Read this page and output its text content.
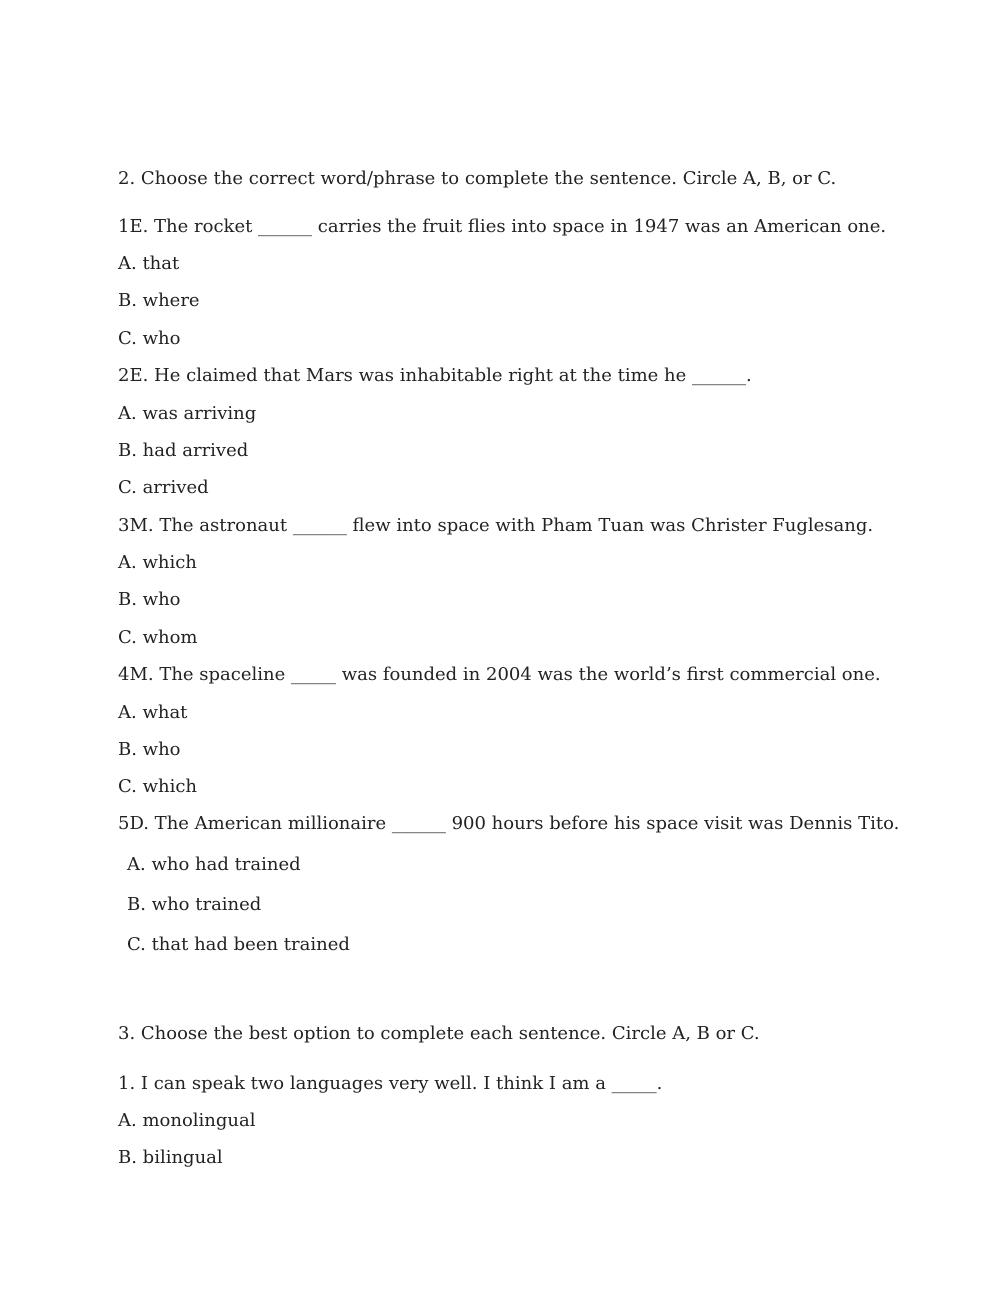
2. Choose the correct word/phrase to complete the sentence. Circle A, B, or C.
1E. The rocket ______ carries the fruit flies into space in 1947 was an American one.
A. that
B. where
C. who
2E. He claimed that Mars was inhabitable right at the time he ______.
A. was arriving
B. had arrived
C. arrived
3M. The astronaut ______ flew into space with Pham Tuan was Christer Fuglesang.
A. which
B. who
C. whom
4M. The spaceline _____ was founded in 2004 was the world’s first commercial one.
A. what
B. who
C. which
5D. The American millionaire ______ 900 hours before his space visit was Dennis Tito.
A. who had trained
B. who trained
C. that had been trained
3. Choose the best option to complete each sentence. Circle A, B or C.
1. I can speak two languages very well. I think I am a _____.
A. monolingual
B. bilingual
